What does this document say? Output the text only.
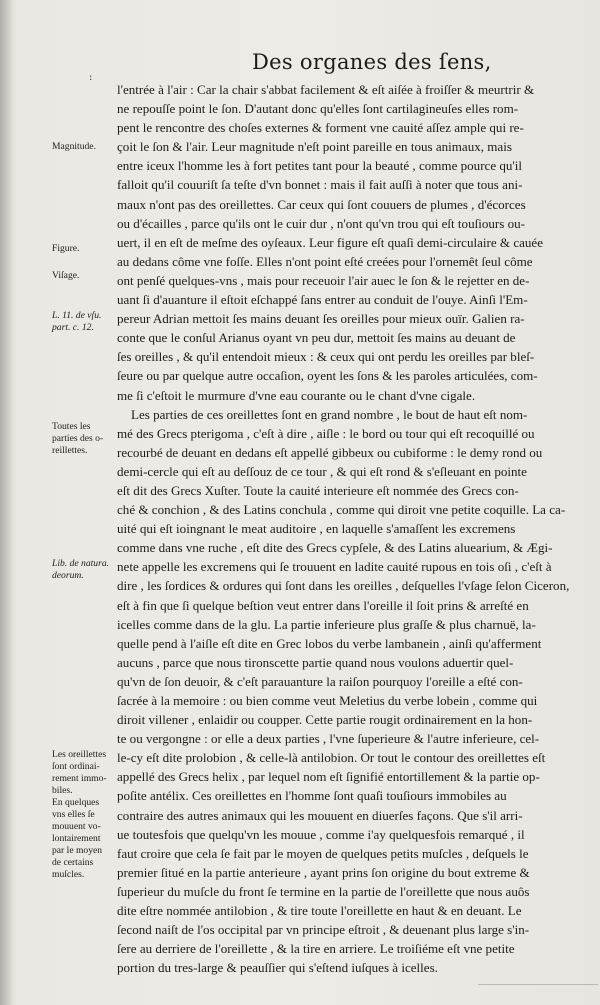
:
Des organes des ſens,
Magnitude.
Figure.
Viſage.
L. 11. de vſu.
part. c. 12.
Toutes les
parties des o-
reillettes.
Lib. de natura.
deorum.
Les oreillettes
ſont ordinai-
rement immo-
biles.
En quelques
vns elles ſe
mouuent vo-
lontairement
par le moyen
de certains
muſcles.
l'entrée à l'air : Car la chair s'abbat facilement & eſt aiſée à froiſſer & meurtrir &
ne repouſſe point le ſon. D'autant donc qu'elles ſont cartilagineuſes elles rom-
pent le rencontre des choſes externes & forment vne cauité aſſez ample qui re-
çoit le ſon & l'air. Leur magnitude n'eſt point pareille en tous animaux, mais
entre iceux l'homme les à fort petites tant pour la beauté , comme pource qu'il
falloit qu'il couuriſt ſa teſte d'vn bonnet : mais il fait auſſi à noter que tous ani-
maux n'ont pas des oreillettes. Car ceux qui ſont couuers de plumes , d'écorces
ou d'écailles , parce qu'ils ont le cuir dur , n'ont qu'vn trou qui eſt touſiours ou-
uert, il en eſt de meſme des oyſeaux. Leur figure eſt quaſi demi-circulaire & cauée
au dedans côme vne foſſe. Elles n'ont point eſté creées pour l'ornemêt ſeul côme
ont penſé quelques-vns , mais pour receuoir l'air auec le ſon & le rejetter en de-
uant ſi d'auanture il eſtoit eſchappé ſans entrer au conduit de l'ouye. Ainſi l'Em-
pereur Adrian mettoit ſes mains deuant ſes oreilles pour mieux ouïr. Galien ra-
conte que le conſul Arianus oyant vn peu dur, mettoit ſes mains au deuant de
ſes oreilles , & qu'il entendoit mieux : & ceux qui ont perdu les oreilles par bleſ-
ſeure ou par quelque autre occaſion, oyent les ſons & les paroles articulées, com-
me ſi c'eſtoit le murmure d'vne eau courante ou le chant d'vne cigale.
Les parties de ces oreillettes ſont en grand nombre , le bout de haut eſt nom-
mé des Grecs pterigoma , c'eſt à dire , aiſle : le bord ou tour qui eſt recoquillé ou
recourbé de deuant en dedans eſt appellé gibbeux ou cubiforme : le demy rond ou
demi-cercle qui eſt au deſſouz de ce tour , & qui eſt rond & s'eſleuant en pointe
eſt dit des Grecs Xuſter. Toute la cauité interieure eſt nommée des Grecs con-
ché & conchion , & des Latins conchula , comme qui diroit vne petite coquille. La ca-
uité qui eſt ioingnant le meat auditoire , en laquelle s'amaſſent les excremens
comme dans vne ruche , eſt dite des Grecs cypſele, & des Latins aluearium, & Ægi-
nete appelle les excremens qui ſe trouuent en ladite cauité rupous en tois oſi , c'eſt à
dire , les ſordices & ordures qui ſont dans les oreilles , deſquelles l'vſage ſelon Ciceron,
eſt à fin que ſi quelque beſtion veut entrer dans l'oreille il ſoit prins & arreſté en
icelles comme dans de la glu. La partie inferieure plus graſſe & plus charnuë, la-
quelle pend à l'aiſle eſt dite en Grec lobos du verbe lambanein , ainſi qu'afferment
aucuns , parce que nous tironscette partie quand nous voulons aduertir quel-
qu'vn de ſon deuoir, & c'eſt parauanture la raiſon pourquoy l'oreille a eſté con-
ſacrée à la memoire : ou bien comme veut Meletius du verbe lobein , comme qui
diroit villener , enlaidir ou coupper. Cette partie rougit ordinairement en la hon-
te ou vergongne : or elle a deux parties , l'vne ſuperieure & l'autre inferieure, cel-
le-cy eſt dite prolobion , & celle-là antilobion. Or tout le contour des oreillettes eſt
appellé des Grecs helix , par lequel nom eſt ſignifié entortillement & la partie op-
poſite antélix. Ces oreillettes en l'homme ſont quaſi touſiours immobiles au
contraire des autres animaux qui les mouuent en diuerſes façons. Que s'il arri-
ue toutesfois que quelqu'vn les mouue , comme i'ay quelquesfois remarqué , il
faut croire que cela ſe fait par le moyen de quelques petits muſcles , deſquels le
premier ſitué en la partie anterieure , ayant prins ſon origine du bout extreme &
ſuperieur du muſcle du front ſe termine en la partie de l'oreillette que nous auôs
dite eſtre nommée antilobion , & tire toute l'oreillette en haut & en deuant. Le
ſecond naiſt de l'os occipital par vn principe eſtroit , & deuenant plus large s'in-
ſere au derriere de l'oreillette , & la tire en arriere. Le troiſiéme eſt vne petite
portion du tres-large & peauſſier qui s'eſtend iuſques à icelles.
